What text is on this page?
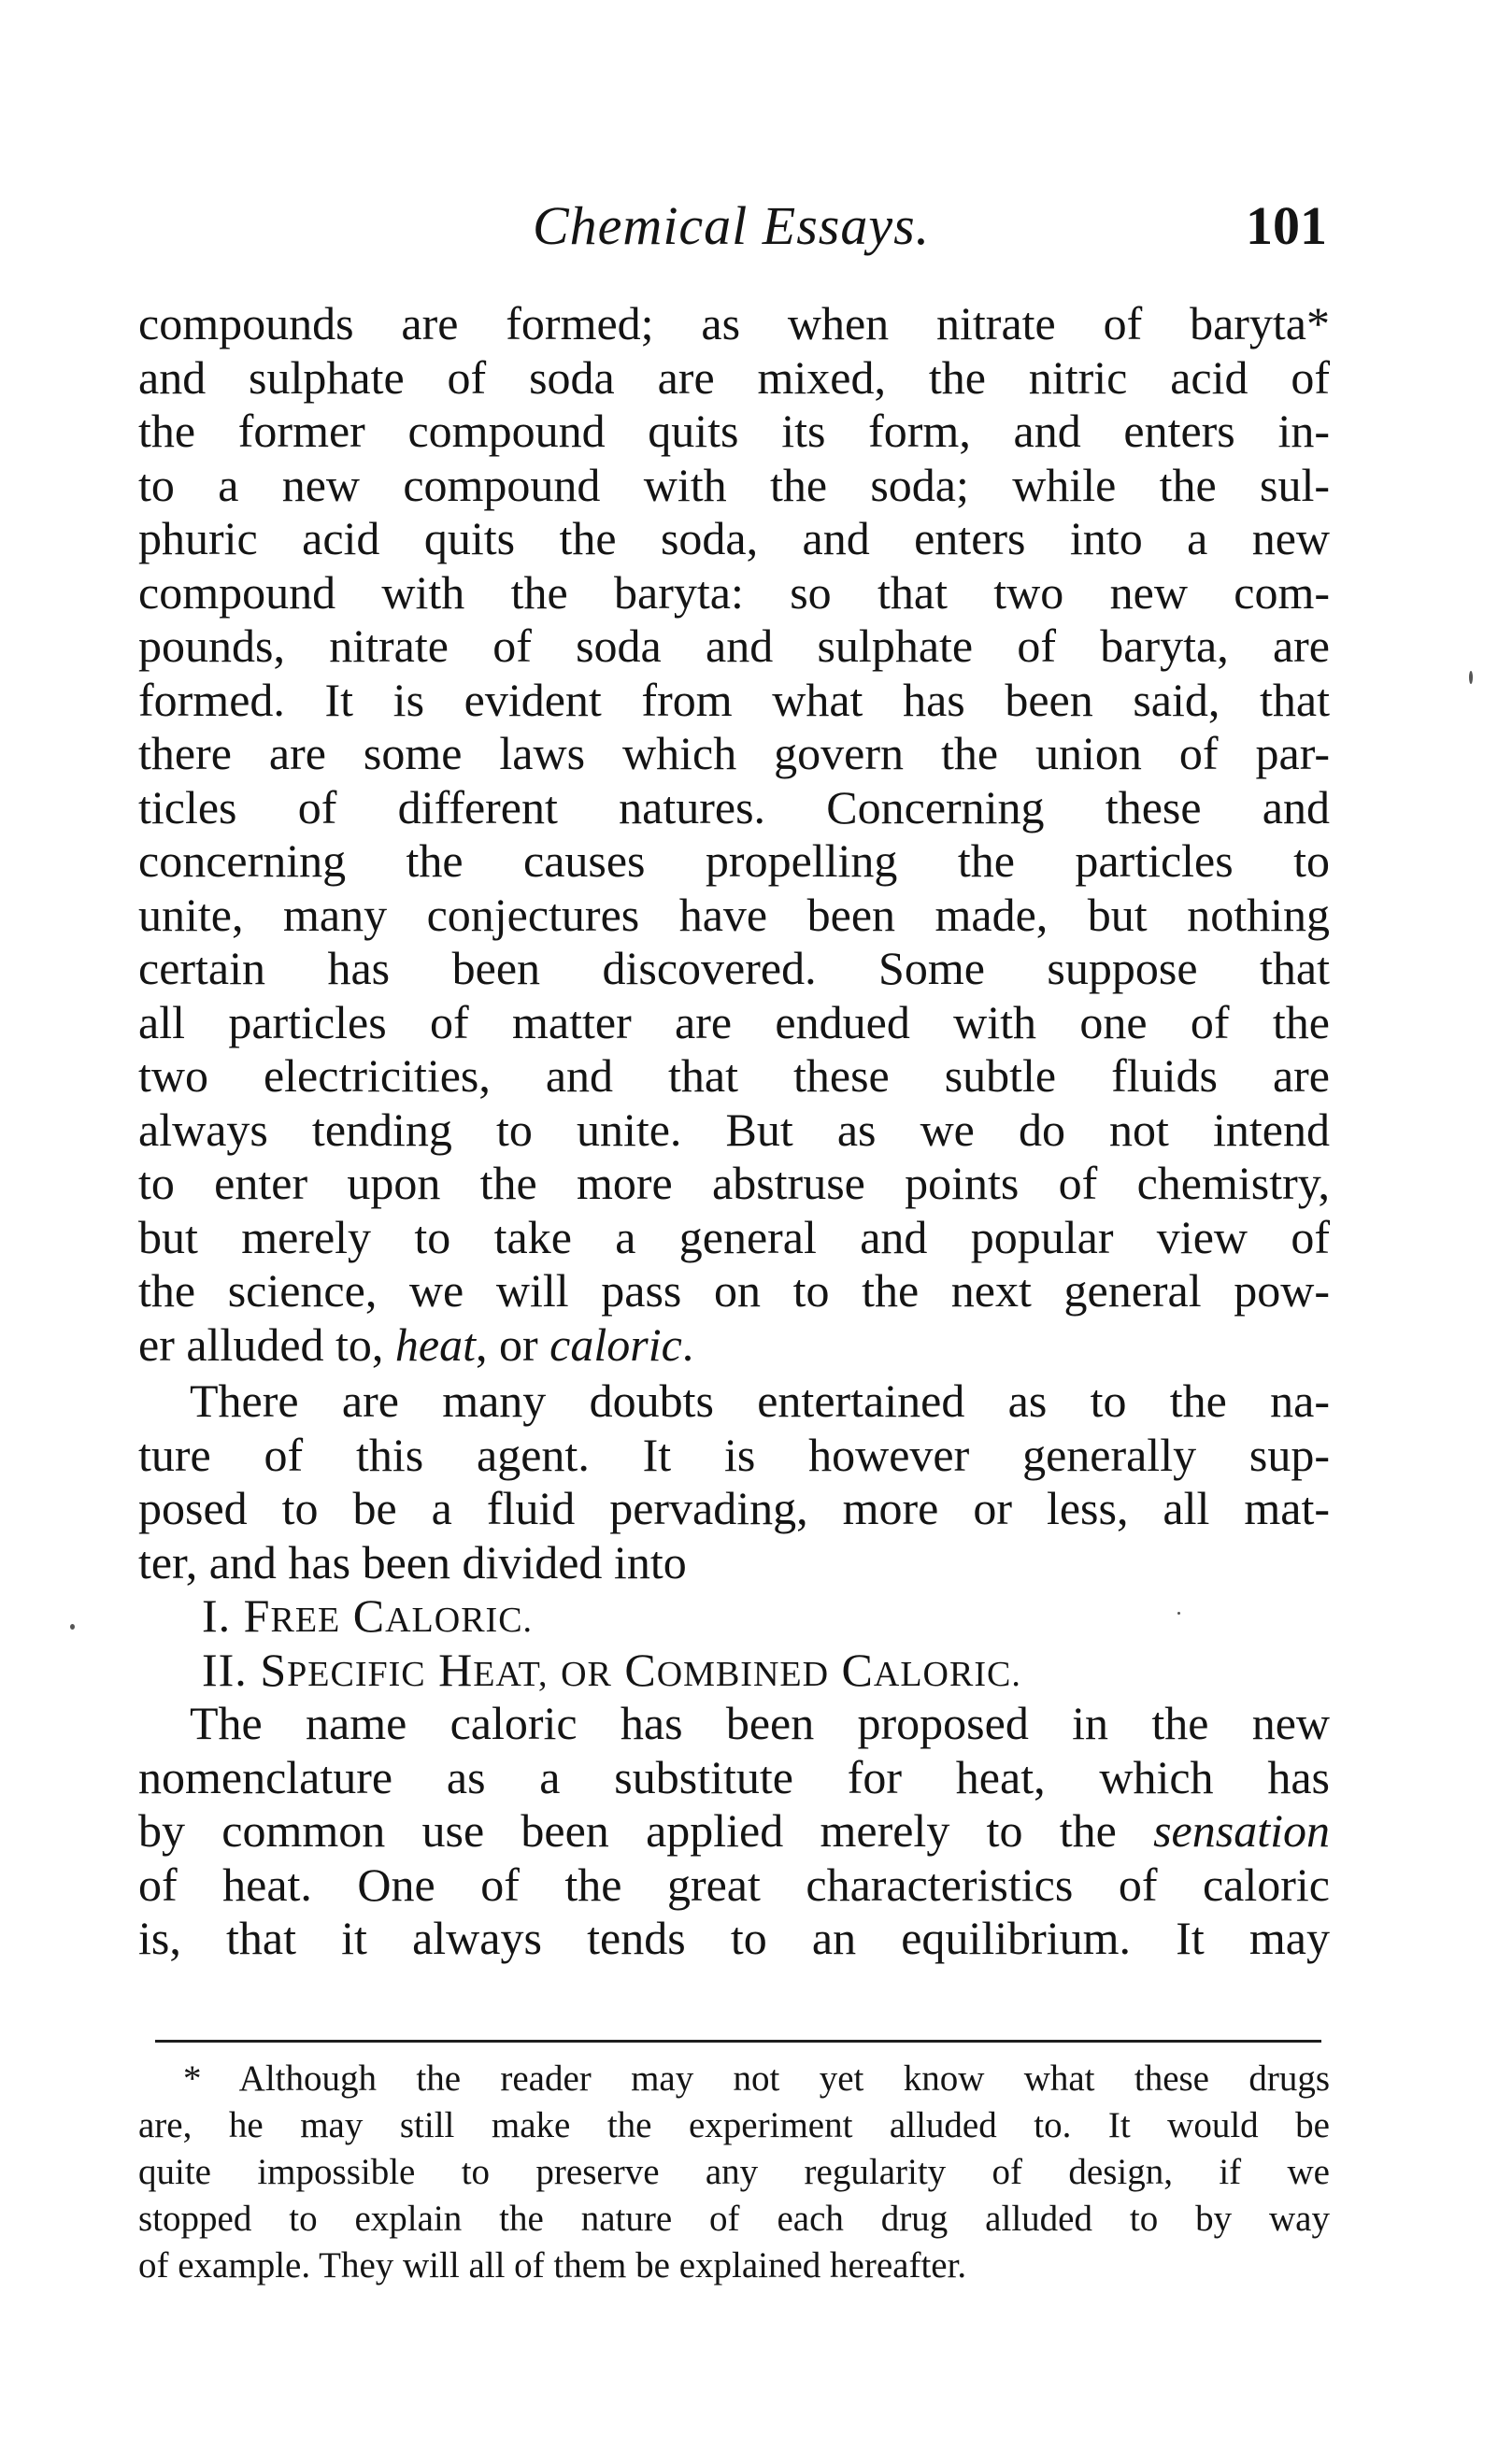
Chemical Essays.	101
compounds are formed; as when nitrate of baryta*
and sulphate of soda are mixed, the nitric acid of
the former compound quits its form, and enters in-
to a new compound with the soda; while the sul-
phuric acid quits the soda, and enters into a new
compound with the baryta: so that two new com-
pounds, nitrate of soda and sulphate of baryta, are
formed. It is evident from what has been said, that
there are some laws which govern the union of par-
ticles of different natures. Concerning these and
concerning the causes propelling the particles to
unite, many conjectures have been made, but nothing
certain has been discovered. Some suppose that
all particles of matter are endued with one of the
two electricities, and that these subtle fluids are
always tending to unite. But as we do not intend
to enter upon the more abstruse points of chemistry,
but merely to take a general and popular view of
the science, we will pass on to the next general pow-
er alluded to, heat, or caloric.
There are many doubts entertained as to the na-
ture of this agent. It is however generally sup-
posed to be a fluid pervading, more or less, all mat-
ter, and has been divided into
I. FREE CALORIC.
II. SPECIFIC HEAT, OR COMBINED CALORIC.
The name caloric has been proposed in the new
nomenclature as a substitute for heat, which has
by common use been applied merely to the sensation
of heat. One of the great characteristics of caloric
is, that it always tends to an equilibrium. It may
* Although the reader may not yet know what these drugs
are, he may still make the experiment alluded to. It would be
quite impossible to preserve any regularity of design, if we
stopped to explain the nature of each drug alluded to by way
of example. They will all of them be explained hereafter.
